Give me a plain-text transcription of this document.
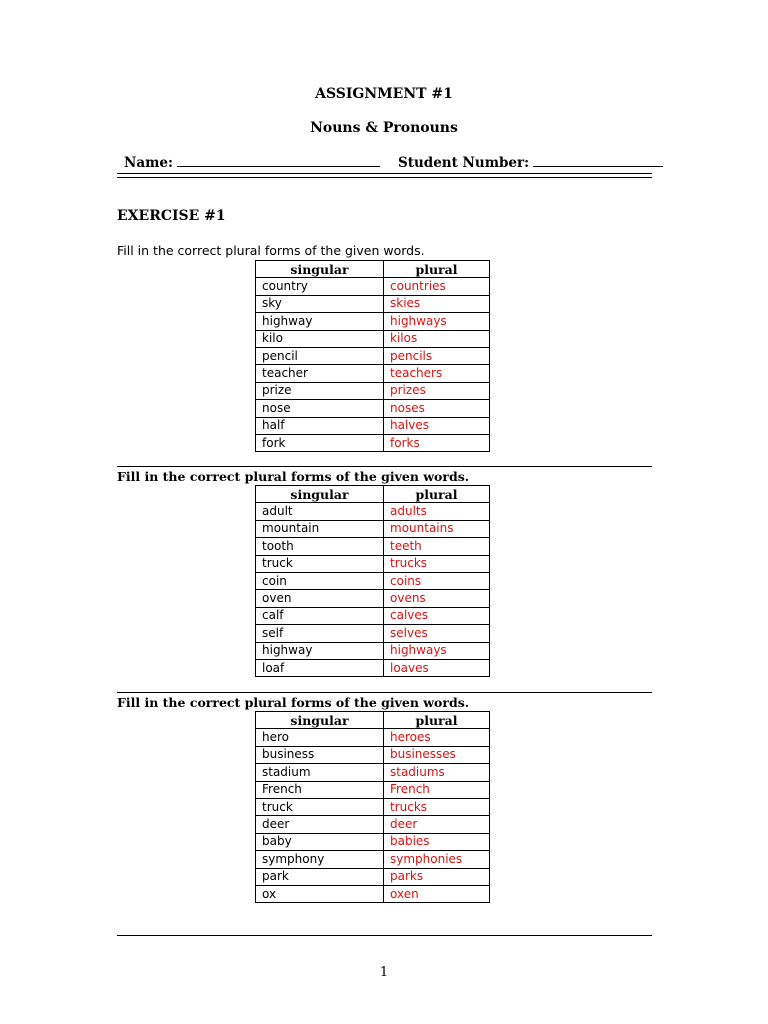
ASSIGNMENT #1
Nouns & Pronouns
Name:	Student Number:
EXERCISE #1
Fill in the correct plural forms of the given words.
singular	plural
country	countries
sky	skies
highway	highways
kilo	kilos
pencil	pencils
teacher	teachers
prize	prizes
nose	noses
half	halves
fork	forks
Fill in the correct plural forms of the given words.
singular	plural
adult	adults
mountain	mountains
tooth	teeth
truck	trucks
coin	coins
oven	ovens
calf	calves
self	selves
highway	highways
loaf	loaves
Fill in the correct plural forms of the given words.
singular	plural
hero	heroes
business	businesses
stadium	stadiums
French	French
truck	trucks
deer	deer
baby	babies
symphony	symphonies
park	parks
ox	oxen
1
